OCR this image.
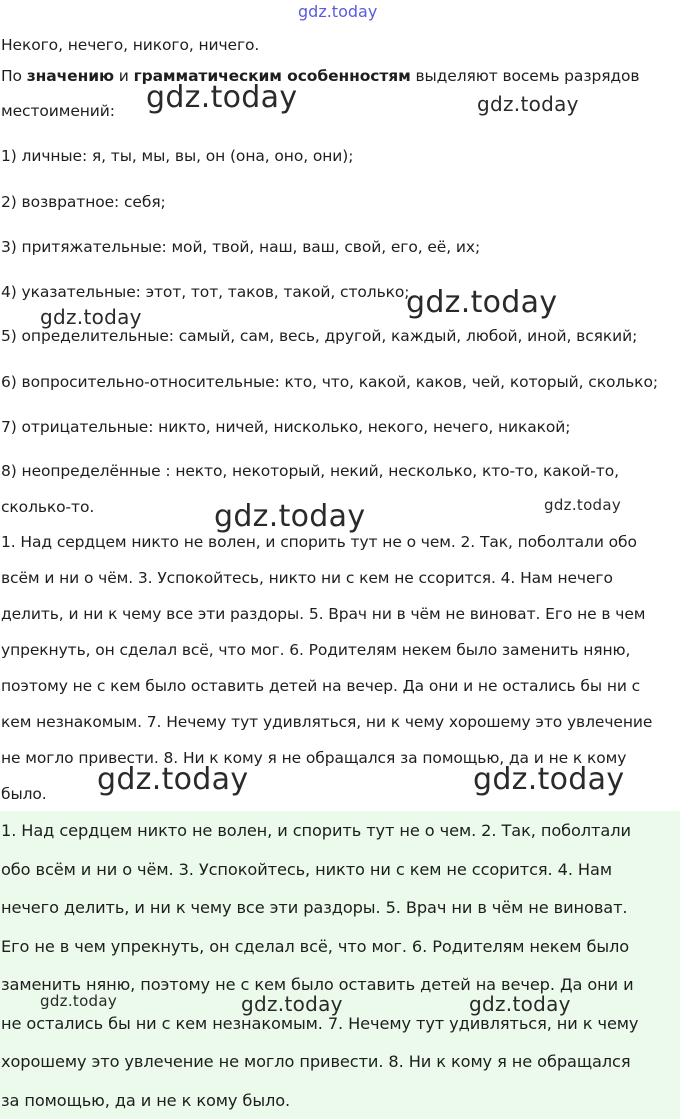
gdz.today
Некого, нечего, никого, ничего.
По значению и грамматическим особенностям выделяют восемь разрядов
местоимений:
1) личные: я, ты, мы, вы, он (она, оно, они);
2) возвратное: себя;
3) притяжательные: мой, твой, наш, ваш, свой, его, её, их;
4) указательные: этот, тот, таков, такой, столько;
5) определительные: самый, сам, весь, другой, каждый, любой, иной, всякий;
6) вопросительно-относительные: кто, что, какой, каков, чей, который, сколько;
7) отрицательные: никто, ничей, нисколько, некого, нечего, никакой;
8) неопределённые : некто, некоторый, некий, несколько, кто-то, какой-то,
сколько-то.
1. Над сердцем никто не волен, и спорить тут не о чем. 2. Так, поболтали обо
всём и ни о чём. 3. Успокойтесь, никто ни с кем не ссорится. 4. Нам нечего
делить, и ни к чему все эти раздоры. 5. Врач ни в чём не виноват. Его не в чем
упрекнуть, он сделал всё, что мог. 6. Родителям некем было заменить няню,
поэтому не с кем было оставить детей на вечер. Да они и не остались бы ни с
кем незнакомым. 7. Нечему тут удивляться, ни к чему хорошему это увлечение
не могло привести. 8. Ни к кому я не обращался за помощью, да и не к кому
было.
1. Над сердцем никто не волен, и спорить тут не о чем. 2. Так, поболтали
обо всём и ни о чём. 3. Успокойтесь, никто ни с кем не ссорится. 4. Нам
нечего делить, и ни к чему все эти раздоры. 5. Врач ни в чём не виноват.
Его не в чем упрекнуть, он сделал всё, что мог. 6. Родителям некем было
заменить няню, поэтому не с кем было оставить детей на вечер. Да они и
не остались бы ни с кем незнакомым. 7. Нечему тут удивляться, ни к чему
хорошему это увлечение не могло привести. 8. Ни к кому я не обращался
за помощью, да и не к кому было.
gdz.today	gdz.today
gdz.today
gdz.today
gdz.today	gdz.today
gdz.today	gdz.today
gdz.today	gdz.today	gdz.today
